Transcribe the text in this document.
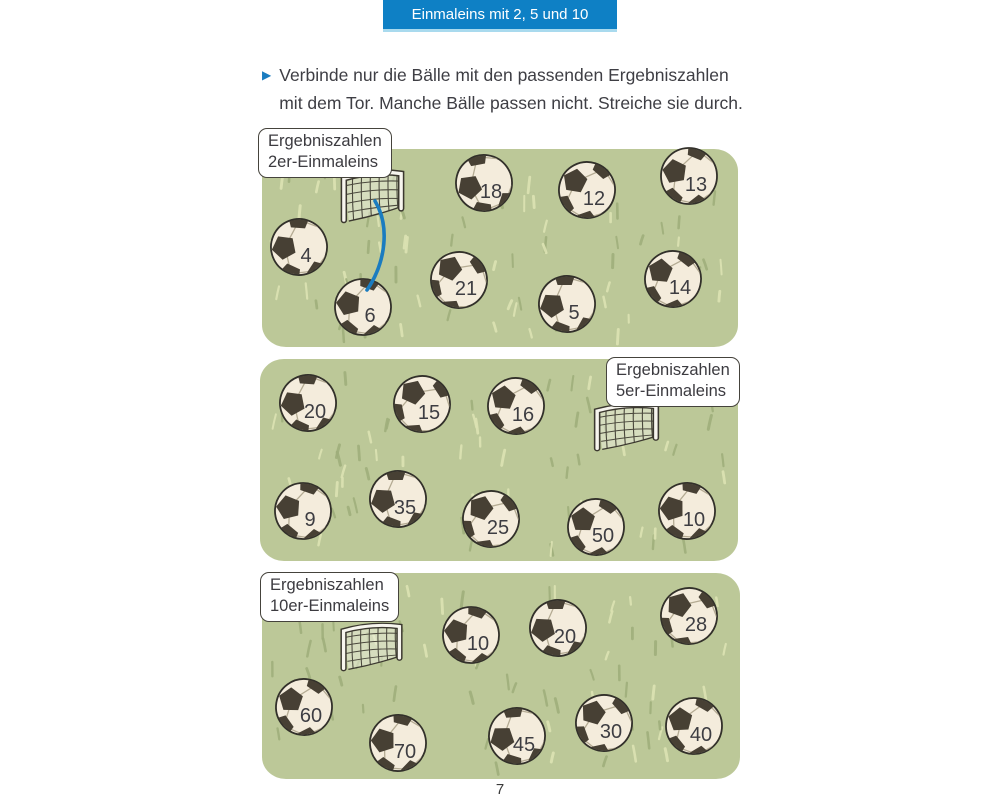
Einmaleins mit 2, 5 und 10
▶ Verbinde nur die Bälle mit den passenden Ergebniszahlen
mit dem Tor. Manche Bälle passen nicht. Streiche sie durch.
18	12
13
4
21	14
6	5
20	15	16
9
35
25	50
10
10	20
28
60
70	45
30	40
Ergebniszahlen
2er-Einmaleins
Ergebniszahlen
5er-Einmaleins
Ergebniszahlen
10er-Einmaleins
7
